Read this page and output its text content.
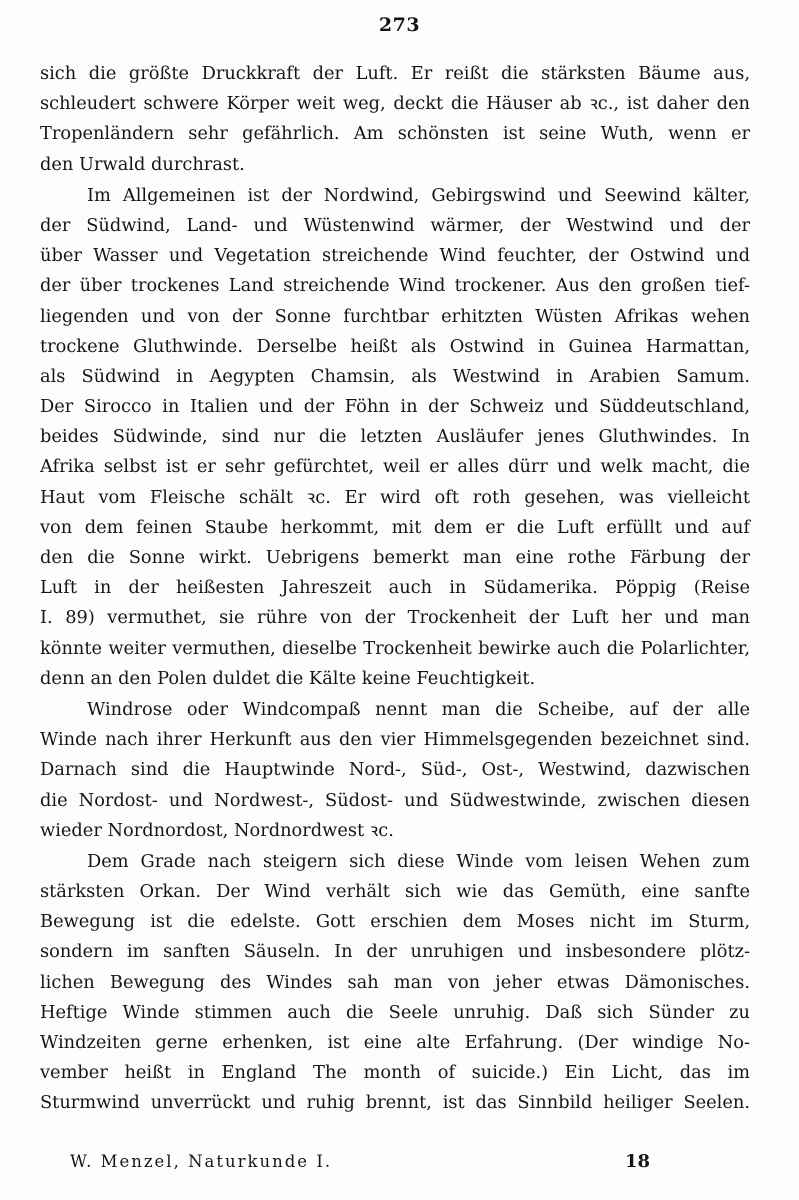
273
sich die größte Druckkraft der Luft. Er reißt die stärksten Bäume aus,
schleudert schwere Körper weit weg, deckt die Häuser ab ꝛc., ist daher den
Tropenländern sehr gefährlich. Am schönsten ist seine Wuth, wenn er
den Urwald durchrast.
Im Allgemeinen ist der Nordwind, Gebirgswind und Seewind kälter,
der Südwind, Land- und Wüstenwind wärmer, der Westwind und der
über Wasser und Vegetation streichende Wind feuchter, der Ostwind und
der über trockenes Land streichende Wind trockener. Aus den großen tief-
liegenden und von der Sonne furchtbar erhitzten Wüsten Afrikas wehen
trockene Gluthwinde. Derselbe heißt als Ostwind in Guinea Harmattan,
als Südwind in Aegypten Chamsin, als Westwind in Arabien Samum.
Der Sirocco in Italien und der Föhn in der Schweiz und Süddeutschland,
beides Südwinde, sind nur die letzten Ausläufer jenes Gluthwindes. In
Afrika selbst ist er sehr gefürchtet, weil er alles dürr und welk macht, die
Haut vom Fleische schält ꝛc. Er wird oft roth gesehen, was vielleicht
von dem feinen Staube herkommt, mit dem er die Luft erfüllt und auf
den die Sonne wirkt. Uebrigens bemerkt man eine rothe Färbung der
Luft in der heißesten Jahreszeit auch in Südamerika. Pöppig (Reise
I. 89) vermuthet, sie rühre von der Trockenheit der Luft her und man
könnte weiter vermuthen, dieselbe Trockenheit bewirke auch die Polarlichter,
denn an den Polen duldet die Kälte keine Feuchtigkeit.
Windrose oder Windcompaß nennt man die Scheibe, auf der alle
Winde nach ihrer Herkunft aus den vier Himmelsgegenden bezeichnet sind.
Darnach sind die Hauptwinde Nord-, Süd-, Ost-, Westwind, dazwischen
die Nordost- und Nordwest-, Südost- und Südwestwinde, zwischen diesen
wieder Nordnordost, Nordnordwest ꝛc.
Dem Grade nach steigern sich diese Winde vom leisen Wehen zum
stärksten Orkan. Der Wind verhält sich wie das Gemüth, eine sanfte
Bewegung ist die edelste. Gott erschien dem Moses nicht im Sturm,
sondern im sanften Säuseln. In der unruhigen und insbesondere plötz-
lichen Bewegung des Windes sah man von jeher etwas Dämonisches.
Heftige Winde stimmen auch die Seele unruhig. Daß sich Sünder zu
Windzeiten gerne erhenken, ist eine alte Erfahrung. (Der windige No-
vember heißt in England The month of suicide.) Ein Licht, das im
Sturmwind unverrückt und ruhig brennt, ist das Sinnbild heiliger Seelen.
W. Menzel, Naturkunde I.	18
